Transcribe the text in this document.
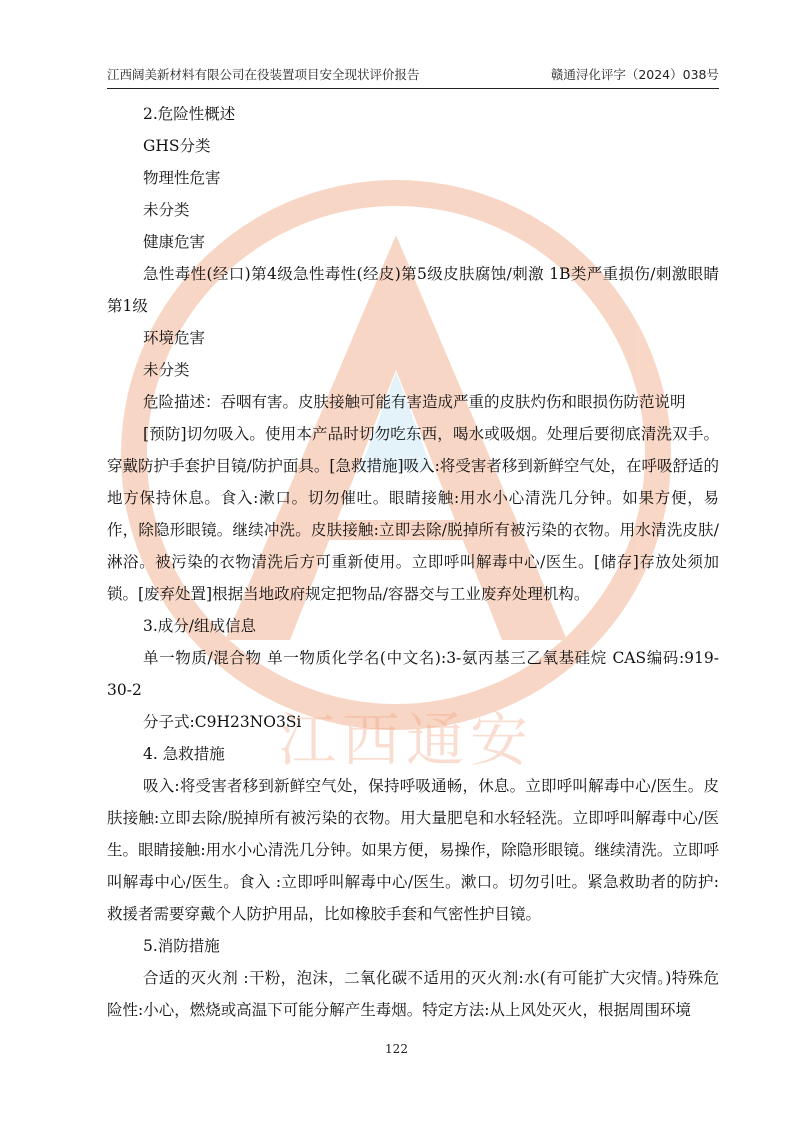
江西通安
江西阔美新材料有限公司在役装置项目安全现状评价报告	赣通浔化评字（2024）038号

2.危险性概述

GHS分类

物理性危害

未分类

健康危害

急性毒性(经口)第4级急性毒性(经皮)第5级皮肤腐蚀/刺激 1B类严重损伤/刺激眼睛 第1级

环境危害

未分类

危险描述：吞咽有害。皮肤接触可能有害造成严重的皮肤灼伤和眼损伤防范说明

[预防]切勿吸入。使用本产品时切勿吃东西，喝水或吸烟。处理后要彻底清洗双手。穿戴防护手套护目镜/防护面具。[急救措施]吸入:将受害者移到新鲜空气处，在呼吸舒适的地方保持休息。食入:漱口。切勿催吐。眼睛接触:用水小心清洗几分钟。如果方便，易作，除隐形眼镜。继续冲洗。皮肤接触:立即去除/脱掉所有被污染的衣物。用水清洗皮肤/淋浴。被污染的衣物清洗后方可重新使用。立即呼叫解毒中心/医生。[储存]存放处须加锁。[废弃处置]根据当地政府规定把物品/容器交与工业废弃处理机构。

3.成分/组成信息

单一物质/混合物 单一物质化学名(中文名):3-氨丙基三乙氧基硅烷 CAS编码:919-30-2

分子式:C9H23NO3Si

4. 急救措施

吸入:将受害者移到新鲜空气处，保持呼吸通畅，休息。立即呼叫解毒中心/医生。皮肤接触:立即去除/脱掉所有被污染的衣物。用大量肥皂和水轻轻洗。立即呼叫解毒中心/医生。眼睛接触:用水小心清洗几分钟。如果方便，易操作，除隐形眼镜。继续清洗。立即呼叫解毒中心/医生。食入 :立即呼叫解毒中心/医生。漱口。切勿引吐。紧急救助者的防护:救援者需要穿戴个人防护用品，比如橡胶手套和气密性护目镜。

5.消防措施

合适的灭火剂 :干粉，泡沫，二氧化碳不适用的灭火剂:水(有可能扩大灾情。)特殊危险性:小心，燃烧或高温下可能分解产生毒烟。特定方法:从上风处灭火，根据周围环境

122
